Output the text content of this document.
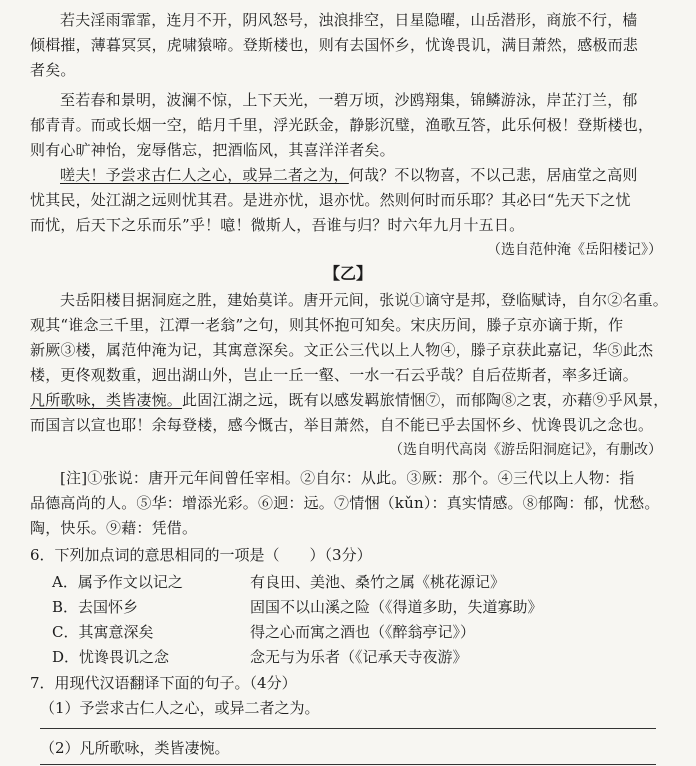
若夫淫雨霏霏，连月不开，阴风怒号，浊浪排空，日星隐曜，山岳潜形，商旅不行，樯
倾楫摧，薄暮冥冥，虎啸猿啼。登斯楼也，则有去国怀乡，忧谗畏讥，满目萧然，感极而悲
者矣。
至若春和景明，波澜不惊，上下天光，一碧万顷，沙鸥翔集，锦鳞游泳，岸芷汀兰，郁
郁青青。而或长烟一空，皓月千里，浮光跃金，静影沉璧，渔歌互答，此乐何极！登斯楼也，
则有心旷神怡，宠辱偕忘，把酒临风，其喜洋洋者矣。
嗟夫！予尝求古仁人之心，或异二者之为，何哉？不以物喜，不以己悲，居庙堂之高则
忧其民，处江湖之远则忧其君。是进亦忧，退亦忧。然则何时而乐耶？其必曰“先天下之忧
而忧，后天下之乐而乐”乎！噫！微斯人，吾谁与归？时六年九月十五日。
（选自范仲淹《岳阳楼记》）
【乙】
夫岳阳楼目据洞庭之胜，建始莫详。唐开元间，张说①谪守是邦，登临赋诗，自尔②名重。
观其“谁念三千里，江潭一老翁”之句，则其怀抱可知矣。宋庆历间，滕子京亦谪于斯，作
新厥③楼，属范仲淹为记，其寓意深矣。文正公三代以上人物④，滕子京获此嘉记，华⑤此杰
楼，更佟观数重，迥出湖山外，岂止一丘一壑、一水一石云乎哉？自后莅斯者，率多迁谪。
凡所歌咏，类皆凄惋。此固江湖之远，既有以感发羁旅情悃⑦，而郁陶⑧之衷，亦藉⑨乎风景，
而国言以宣也耶！余每登楼，感今慨古，举目萧然，自不能已乎去国怀乡、忧谗畏讥之念也。
（选自明代高岗《游岳阳洞庭记》，有删改）
[注]①张说：唐开元年间曾任宰相。②自尔：从此。③厥：那个。④三代以上人物：指
品德高尚的人。⑤华：增添光彩。⑥迥：远。⑦情悃（kǔn）：真实情感。⑧郁陶：郁，忧愁。
陶，快乐。⑨藉：凭借。
6．下列加点词的意思相同的一项是（　　）（3分）
A．属予作文以记之	有良田、美池、桑竹之属《桃花源记》
B．去国怀乡	固国不以山溪之险（《得道多助，失道寡助》
C．其寓意深矣	得之心而寓之酒也（《醉翁亭记》）
D．忧谗畏讥之念	念无与为乐者（《记承天寺夜游》
7．用现代汉语翻译下面的句子。（4分）
（1）予尝求古仁人之心，或异二者之为。
（2）凡所歌咏，类皆凄惋。
